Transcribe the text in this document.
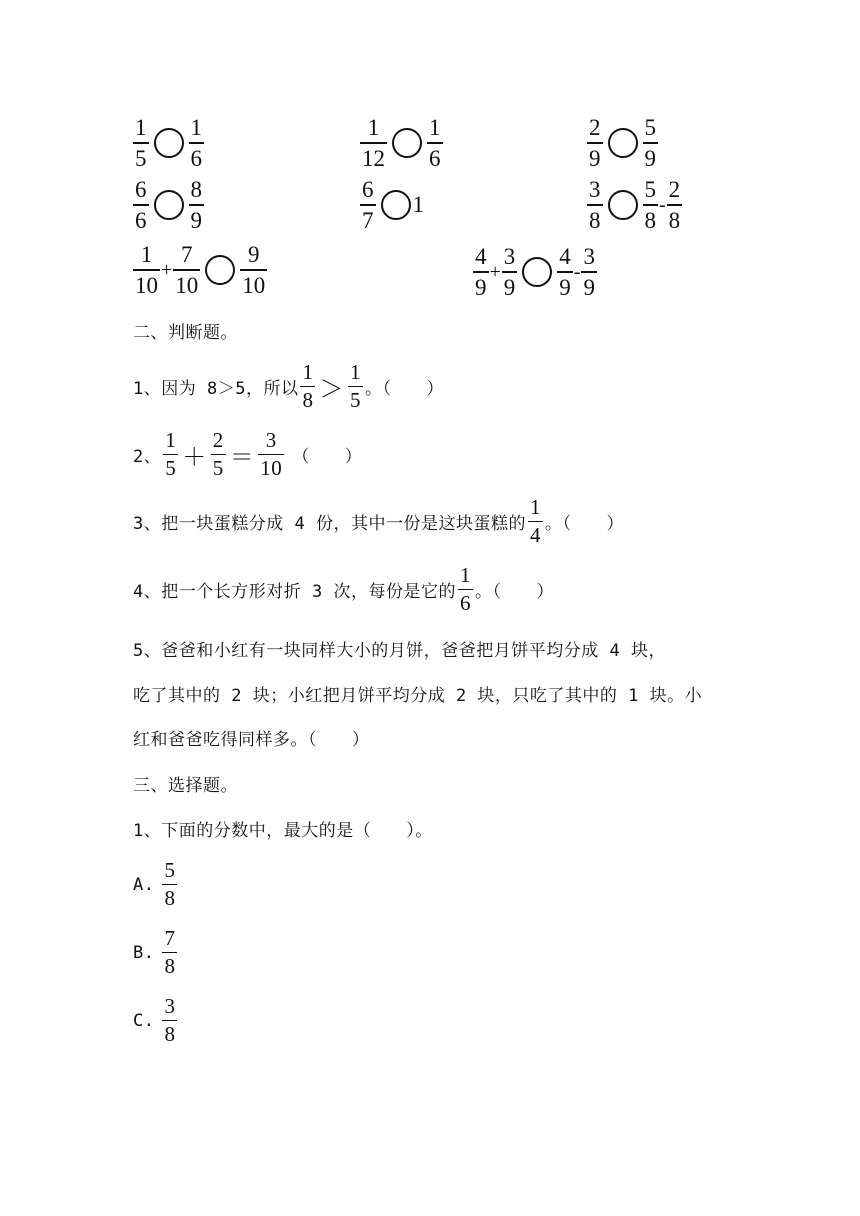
$\frac{1}{5} \frac{1}{6}$	$\frac{1}{12} \frac{1}{6}$	$\frac{2}{9} \frac{5}{9}$
$\frac{6}{6} \frac{8}{9}$	$\frac{6}{7} 1$	$\frac{3}{8} \frac{5}{8} - \frac{2}{8}$
$\frac{1}{10} + \frac{7}{10} \frac{9}{10}$	$\frac{4}{9} + \frac{3}{9} \frac{4}{9} - \frac{3}{9}$
二、判断题。
1、因为 8＞5，所以 $\frac{1}{8} > \frac{1}{5}$ 。（　　）
2、 $\frac{1}{5} + \frac{2}{5} = \frac{3}{10}$ （　　）
3、把一块蛋糕分成 4 份，其中一份是这块蛋糕的 $\frac{1}{4}$ 。（　　）
4、把一个长方形对折 3 次，每份是它的 $\frac{1}{6}$ 。（　　）
5、爸爸和小红有一块同样大小的月饼，爸爸把月饼平均分成 4 块，
吃了其中的 2 块；小红把月饼平均分成 2 块，只吃了其中的 1 块。小
红和爸爸吃得同样多。（　　）
三、选择题。
1、下面的分数中，最大的是（　　）。
A. $\frac{5}{8}$
B. $\frac{7}{8}$
C. $\frac{3}{8}$
